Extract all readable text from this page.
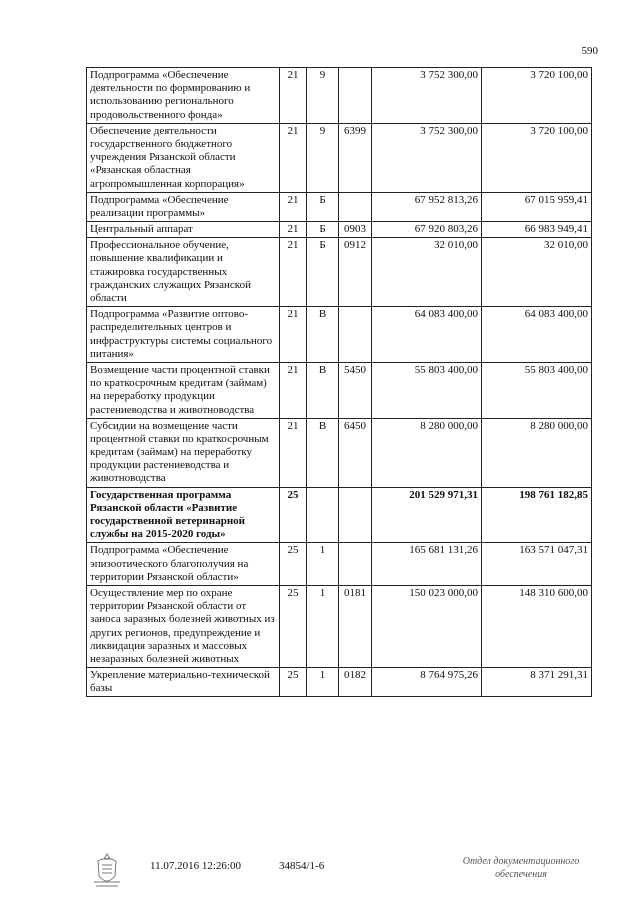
590
Подпрограмма «Обеспечение деятельности по формированию и использованию регионального продовольственного фонда»	21	9		3 752 300,00	3 720 100,00
Обеспечение деятельности государственного бюджетного учреждения Рязанской области «Рязанская областная агропромышленная корпорация»	21	9	6399	3 752 300,00	3 720 100,00
Подпрограмма «Обеспечение реализации программы»	21	Б		67 952 813,26	67 015 959,41
Центральный аппарат	21	Б	0903	67 920 803,26	66 983 949,41
Профессиональное обучение, повышение квалификации и стажировка государственных гражданских служащих Рязанской области	21	Б	0912	32 010,00	32 010,00
Подпрограмма «Развитие оптово-распределительных центров и инфраструктуры системы социального питания»	21	В		64 083 400,00	64 083 400,00
Возмещение части процентной ставки по краткосрочным кредитам (займам) на переработку продукции растениеводства и животноводства	21	В	5450	55 803 400,00	55 803 400,00
Субсидии на возмещение части процентной ставки по краткосрочным кредитам (займам) на переработку продукции растениеводства и животноводства	21	В	6450	8 280 000,00	8 280 000,00
Государственная программа Рязанской области «Развитие государственной ветеринарной службы на 2015-2020 годы»	25			201 529 971,31	198 761 182,85
Подпрограмма «Обеспечение эпизоотического благополучия на территории Рязанской области»	25	1		165 681 131,26	163 571 047,31
Осуществление мер по охране территории Рязанской области от заноса заразных болезней животных из других регионов, предупреждение и ликвидация заразных и массовых незаразных болезней животных	25	1	0181	150 023 000,00	148 310 600,00
Укрепление материально-технической базы	25	1	0182	8 764 975,26	8 371 291,31
11.07.2016 12:26:00	34854/1-6	Отдел документационного
обеспечения
